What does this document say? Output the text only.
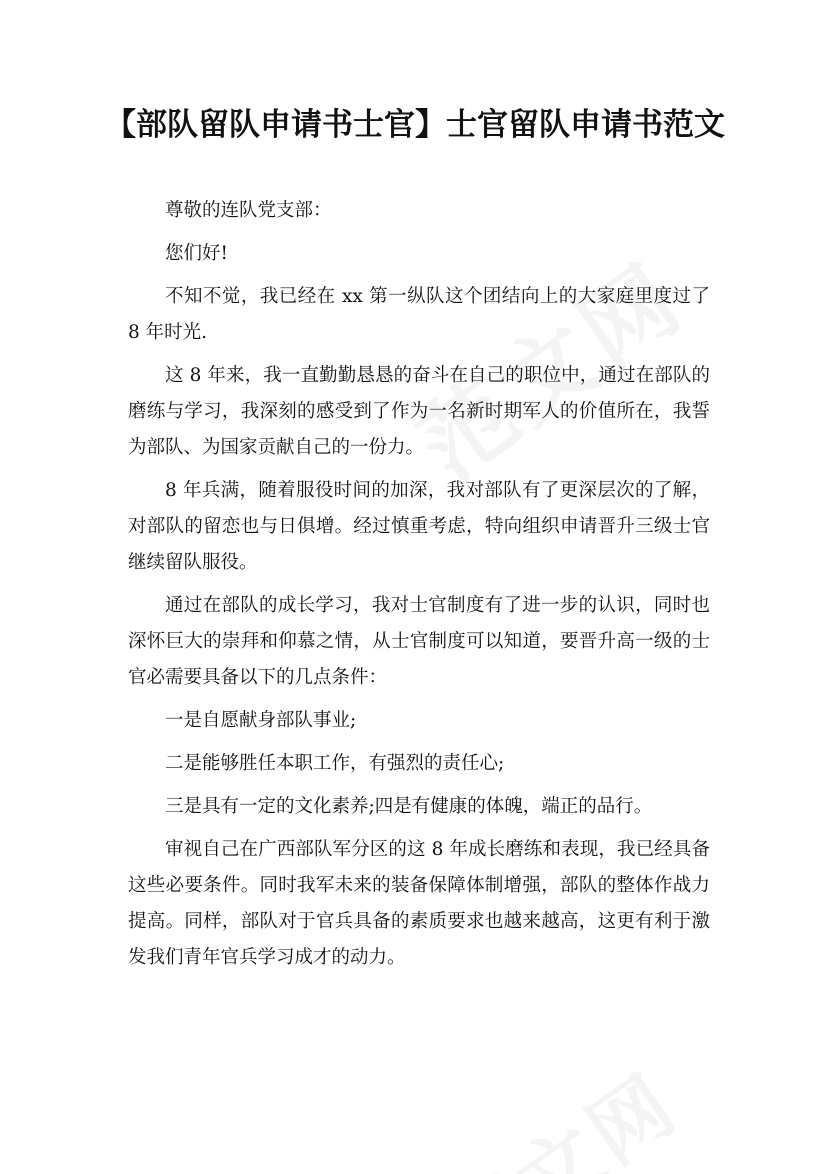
【部队留队申请书士官】士官留队申请书范文

尊敬的连队党支部：

您们好!

不知不觉，我已经在 xx 第一纵队这个团结向上的大家庭里度过了 8 年时光.

这 8 年来，我一直勤勤恳恳的奋斗在自己的职位中，通过在部队的磨练与学习，我深刻的感受到了作为一名新时期军人的价值所在，我誓为部队、为国家贡献自己的一份力。

8 年兵满，随着服役时间的加深，我对部队有了更深层次的了解，对部队的留恋也与日俱增。经过慎重考虑，特向组织申请晋升三级士官继续留队服役。

通过在部队的成长学习，我对士官制度有了进一步的认识，同时也深怀巨大的崇拜和仰慕之情，从士官制度可以知道，要晋升高一级的士官必需要具备以下的几点条件：

一是自愿献身部队事业;

二是能够胜任本职工作，有强烈的责任心;

三是具有一定的文化素养;四是有健康的体魄，端正的品行。

审视自己在广西部队军分区的这 8 年成长磨练和表现，我已经具备这些必要条件。同时我军未来的装备保障体制增强，部队的整体作战力提高。同样，部队对于官兵具备的素质要求也越来越高，这更有利于激发我们青年官兵学习成才的动力。
